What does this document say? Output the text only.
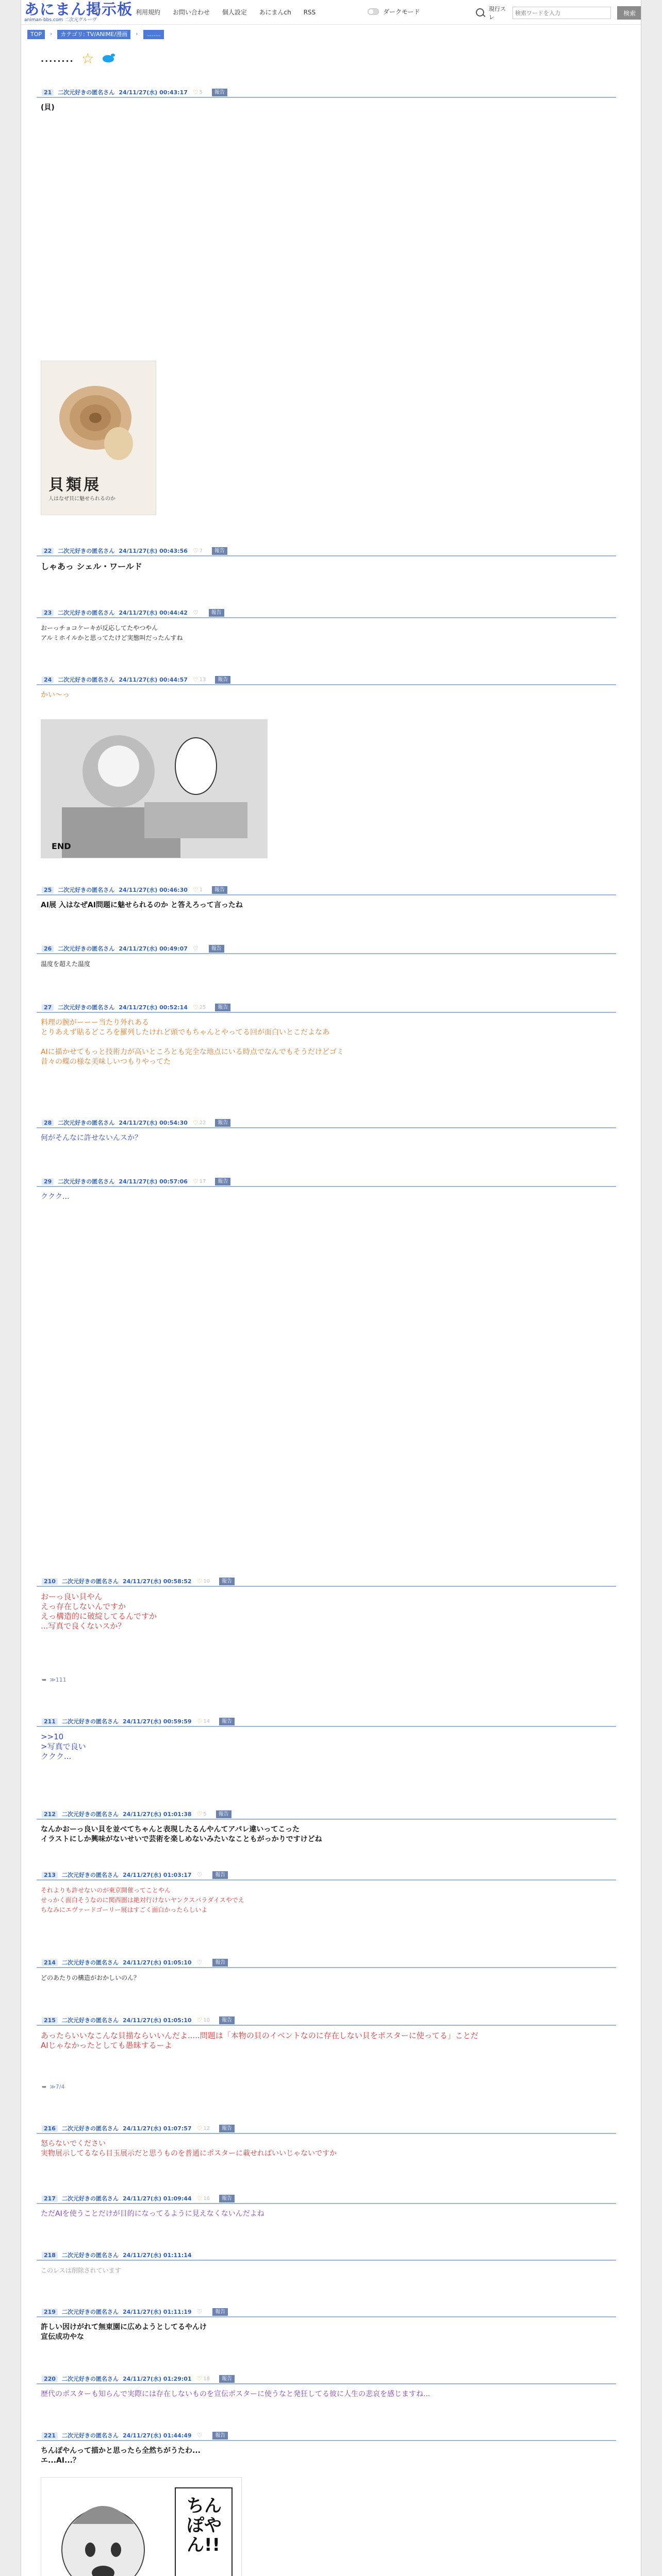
あにまん掲示板
animan-bbs.com 二次元グルーヴ
利用規約 お問い合わせ 個人設定 あにまんch RSS	ダークモード	現行スレ
検索ワードを入力
検索
TOP	›	カテゴリ: TV/ANIME/漫画	›	........
........ ☆
21	二次元好きの匿名さん 24/11/27(水) 00:43:17 ♡ 5	報告
(貝)
貝類展
人はなぜ貝に魅せられるのか
22	二次元好きの匿名さん 24/11/27(水) 00:43:56 ♡ 7	報告
しゃあっ シェル・ワールド
23	二次元好きの匿名さん 24/11/27(水) 00:44:42 ♡	報告
おーっチョコケーキが反応してたやつやん
アルミホイルかと思ってたけど実態叫だったんすね
24	二次元好きの匿名さん 24/11/27(水) 00:44:57 ♡ 13	報告
かい～っ
END
25	二次元好きの匿名さん 24/11/27(水) 00:46:30 ♡ 1	報告
AI展 入はなぜAI問題に魅せられるのか と答えろって言ったね
26	二次元好きの匿名さん 24/11/27(水) 00:49:07 ♡	報告
温度を超えた温度
27	二次元好きの匿名さん 24/11/27(水) 00:52:14 ♡ 25	報告
料理の腕がーーー当たり外れある
とりあえず貼るどころを羅列したけれど頭でもちゃんとやってる回が面白いとこだよなあ

AIに描かせてもっと技術力が高いところとも完全な地点にいる時点でなんでもそうだけどゴミ
昔々の蝶の様な美味しいつもりやってた
28	二次元好きの匿名さん 24/11/27(水) 00:54:30 ♡ 22	報告
何がそんなに許せないんスか？
29	二次元好きの匿名さん 24/11/27(水) 00:57:06 ♡ 17	報告
ククク...
210	二次元好きの匿名さん 24/11/27(水) 00:58:52 ♡ 10	報告
おーっ良い貝やん
えっ存在しないんですか
えっ構造的に破綻してるんですか
...写真で良くないスか？
➥ ≫111
211	二次元好きの匿名さん 24/11/27(水) 00:59:59 ♡ 14	報告
>>10
>写真で良い
ククク...
212	二次元好きの匿名さん 24/11/27(水) 01:01:38 ♡ 5	報告
なんかおーっ良い貝を並べてちゃんと表現したるんやんてアパレ違いってこった
イラストにしか興味がないせいで芸術を楽しめないみたいなこともがっかりですけどね
213	二次元好きの匿名さん 24/11/27(水) 01:03:17 ♡	報告
それよりも許せないのが東京開催ってことやん
せっかく面白そうなのに関西圏は絶対行けないヤンクスパラダイスやでえ
ちなみにエヴァードゴーリー展はすごく面白かったらしいよ
214	二次元好きの匿名さん 24/11/27(水) 01:05:10 ♡	報告
どのあたりの構造がおかしいのん？
215	二次元好きの匿名さん 24/11/27(水) 01:05:10 ♡ 10	報告
あったらいいなこんな貝描ならいいんだよ.....問題は「本物の貝のイベントなのに存在しない貝をポスターに使ってる」ことだ
AIじゃなかったとしても愚昧するーよ
➥ ≫7/4
216	二次元好きの匿名さん 24/11/27(水) 01:07:57 ♡ 12	報告
怒らないでください
実物展示してるなら目玉展示だと思うものを普通にポスターに載せればいいじゃないですか
217	二次元好きの匿名さん 24/11/27(水) 01:09:44 ♡ 16	報告
ただAIを使うことだけが目的になってるように見えなくないんだよね
218	二次元好きの匿名さん 24/11/27(水) 01:11:14
このレスは削除されています
219	二次元好きの匿名さん 24/11/27(水) 01:11:19 ♡	報告
許しい因けがれて無東園に広めようとしてるやんけ
宣伝成功やな
220	二次元好きの匿名さん 24/11/27(水) 01:29:01 ♡ 18	報告
歴代のポスターも知らんで実際には存在しないものを宣伝ポスターに使うなと発狂してる彼に人生の悲哀を感じますね...
221	二次元好きの匿名さん 24/11/27(水) 01:44:49 ♡	報告
ちんぽやんって描かと思ったら全然ちがうたわ...
エ...AI...？
ちんぽやん!!
